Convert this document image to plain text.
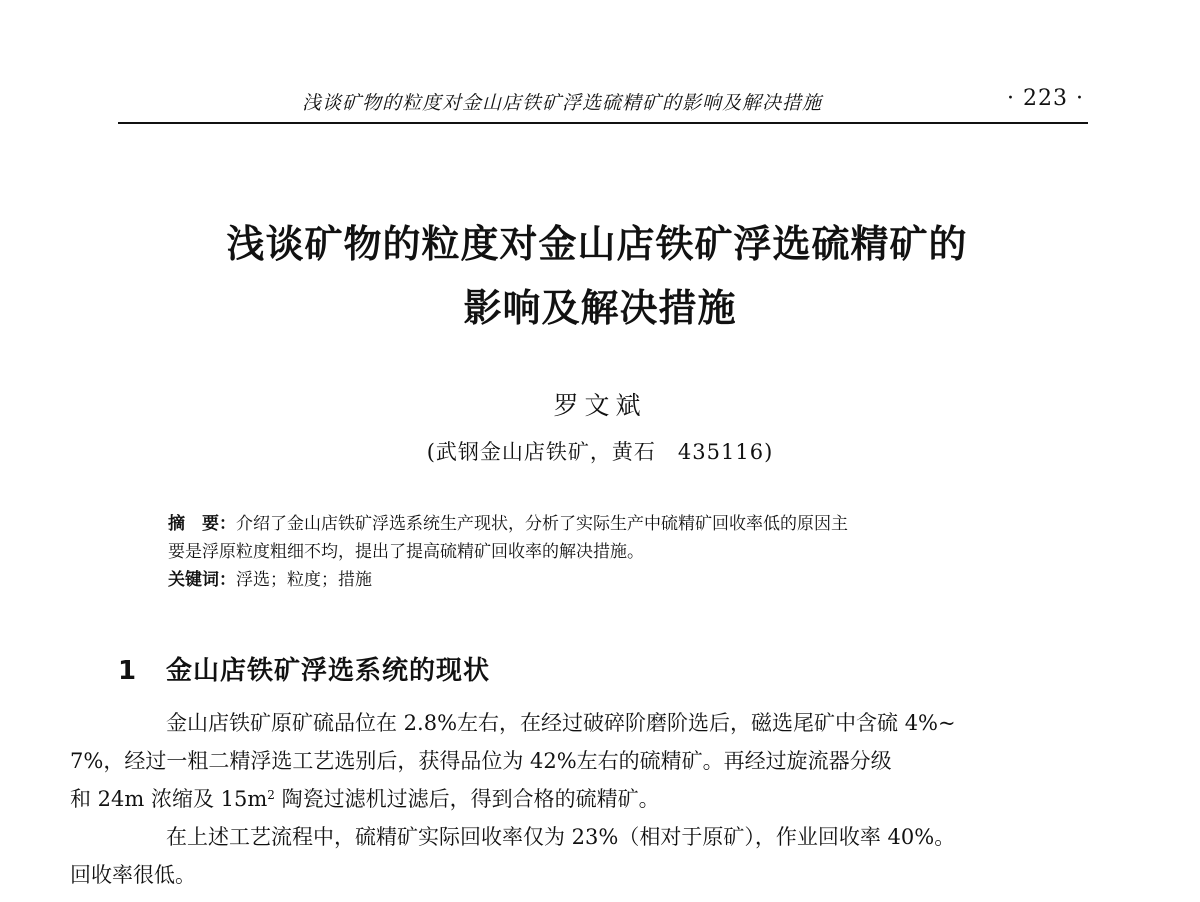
浅谈矿物的粒度对金山店铁矿浮选硫精矿的影响及解决措施	· 223 ·
浅谈矿物的粒度对金山店铁矿浮选硫精矿的
影响及解决措施
罗文斌
(武钢金山店铁矿，黄石　435116)
摘　要：介绍了金山店铁矿浮选系统生产现状，分析了实际生产中硫精矿回收率低的原因主
要是浮原粒度粗细不均，提出了提高硫精矿回收率的解决措施。
关键词：浮选；粒度；措施
1 金山店铁矿浮选系统的现状

金山店铁矿原矿硫品位在 2.8%左右，在经过破碎阶磨阶选后，磁选尾矿中含硫 4%~
7%，经过一粗二精浮选工艺选别后，获得品位为 42%左右的硫精矿。再经过旋流器分级
和 24m 浓缩及 $15m^2$ 陶瓷过滤机过滤后，得到合格的硫精矿。

在上述工艺流程中，硫精矿实际回收率仅为 23%（相对于原矿），作业回收率 40%。
回收率很低。
